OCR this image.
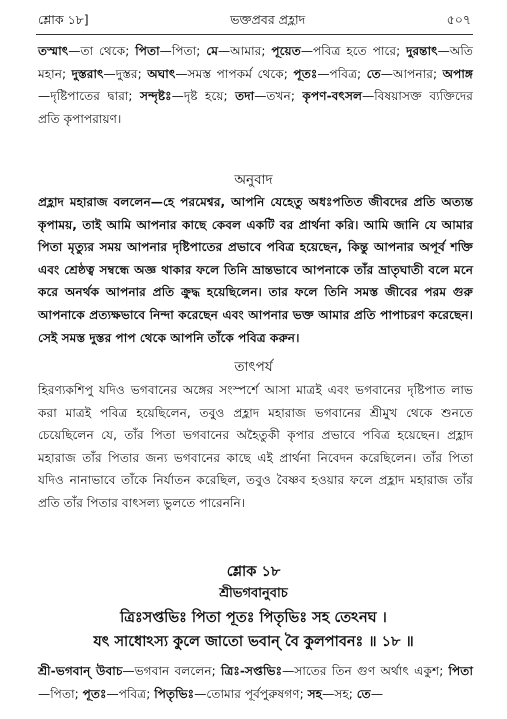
শ্লোক ১৮]	ভক্তপ্রবর প্রহ্লাদ	৫০৭

তস্মাৎ—তা থেকে; পিতা—পিতা; মে—আমার; পূয়েত—পবিত্র হতে পারে; দুরন্তাৎ—অতি মহান; দুস্তরাৎ—দুস্তর; অঘাৎ—সমস্ত পাপকর্ম থেকে; পূতঃ—পবিত্র; তে—আপনার; অপাঙ্গ—দৃষ্টিপাতের দ্বারা; সন্দৃষ্টঃ—দৃষ্ট হয়ে; তদা—তখন; কৃপণ-বৎসল—বিষয়াসক্ত ব্যক্তিদের প্রতি কৃপাপরায়ণ।

অনুবাদ

প্রহ্লাদ মহারাজ বললেন—হে পরমেশ্বর, আপনি যেহেতু অধঃপতিত জীবদের প্রতি অত্যন্ত কৃপাময়, তাই আমি আপনার কাছে কেবল একটি বর প্রার্থনা করি। আমি জানি যে আমার পিতা মৃত্যুর সময় আপনার দৃষ্টিপাতের প্রভাবে পবিত্র হয়েছেন, কিন্তু আপনার অপূর্ব শক্তি এবং শ্রেষ্ঠত্ব সম্বন্ধে অজ্ঞ থাকার ফলে তিনি ভ্রান্তভাবে আপনাকে তাঁর ভ্রাতৃঘাতী বলে মনে করে অনর্থক আপনার প্রতি ক্রুদ্ধ হয়েছিলেন। তার ফলে তিনি সমস্ত জীবের পরম গুরু আপনাকে প্রত্যক্ষভাবে নিন্দা করেছেন এবং আপনার ভক্ত আমার প্রতি পাপাচরণ করেছেন। সেই সমস্ত দুস্তর পাপ থেকে আপনি তাঁকে পবিত্র করুন।

তাৎপর্য

হিরণ্যকশিপু যদিও ভগবানের অঙ্গের সংস্পর্শে আসা মাত্রই এবং ভগবানের দৃষ্টিপাত লাভ করা মাত্রই পবিত্র হয়েছিলেন, তবুও প্রহ্লাদ মহারাজ ভগবানের শ্রীমুখ থেকে শুনতে চেয়েছিলেন যে, তাঁর পিতা ভগবানের অহৈতুকী কৃপার প্রভাবে পবিত্র হয়েছেন। প্রহ্লাদ মহারাজ তাঁর পিতার জন্য ভগবানের কাছে এই প্রার্থনা নিবেদন করেছিলেন। তাঁর পিতা যদিও নানাভাবে তাঁকে নির্যাতন করেছিল, তবুও বৈষ্ণব হওয়ার ফলে প্রহ্লাদ মহারাজ তাঁর প্রতি তাঁর পিতার বাৎসল্য ভুলতে পারেননি।

শ্লোক ১৮
শ্রীভগবানুবাচ
ত্রিঃসপ্তভিঃ পিতা পূতঃ পিতৃভিঃ সহ তেঽনঘ ।
যৎ সাধোঽস্য কুলে জাতো ভবান্‌ বৈ কুলপাবনঃ ॥ ১৮ ॥

শ্রী-ভগবান্‌ উবাচ—ভগবান বললেন; ত্রিঃ-সপ্তভিঃ—সাতের তিন গুণ অর্থাৎ একুশ; পিতা—পিতা; পূতঃ—পবিত্র; পিতৃভিঃ—তোমার পূর্বপুরুষগণ; সহ—সহ; তে—
